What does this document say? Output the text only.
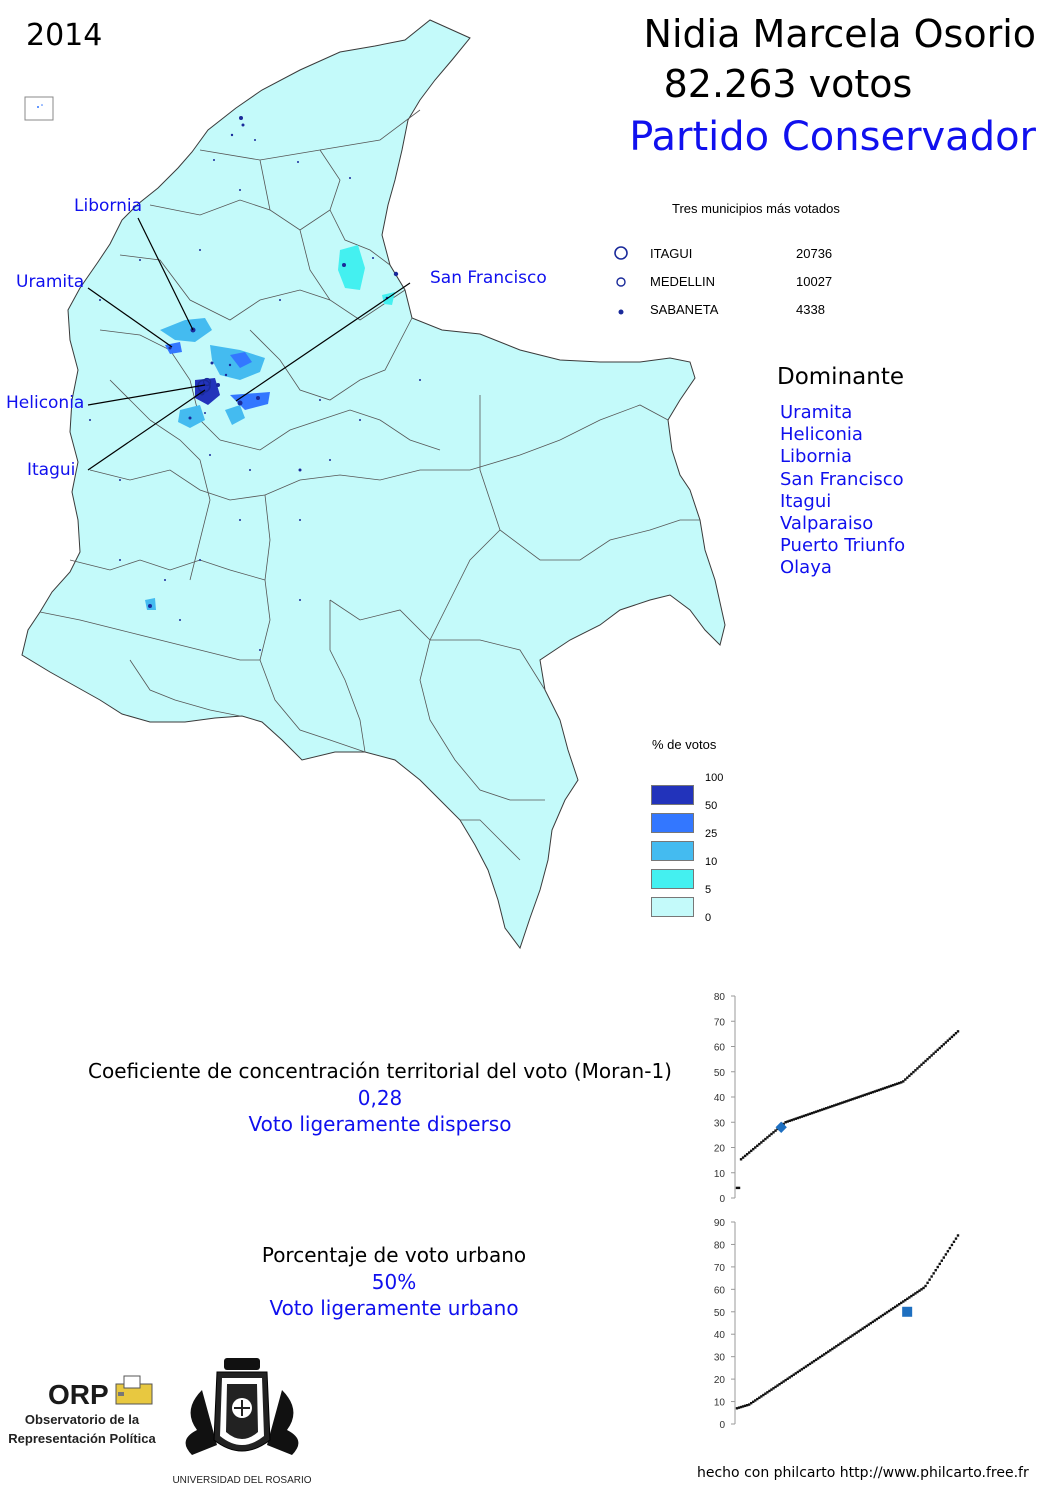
2014	Nidia Marcela Osorio
82.263 votos
Partido Conservador
Libornia
Uramita
Heliconia
Itagui
San Francisco
Tres municipios más votados
ITAGUI	20736
MEDELLIN	10027
SABANETA	4338
Dominante
Uramita
Heliconia
Libornia
San Francisco
Itagui
Valparaiso
Puerto Triunfo
Olaya
% de votos
100
50
25
10
5
0
Coeficiente de concentración territorial del voto (Moran-1)
0,28
Voto ligeramente disperso
Porcentaje de voto urbano
50%
Voto ligeramente urbano
0
10
20
30
40
50
60
70
80
0
10
20
30
40
50
60
70
80
90
ORP
Observatorio de la
Representación Política
UNIVERSIDAD DEL ROSARIO	hecho con philcarto http://www.philcarto.free.fr
